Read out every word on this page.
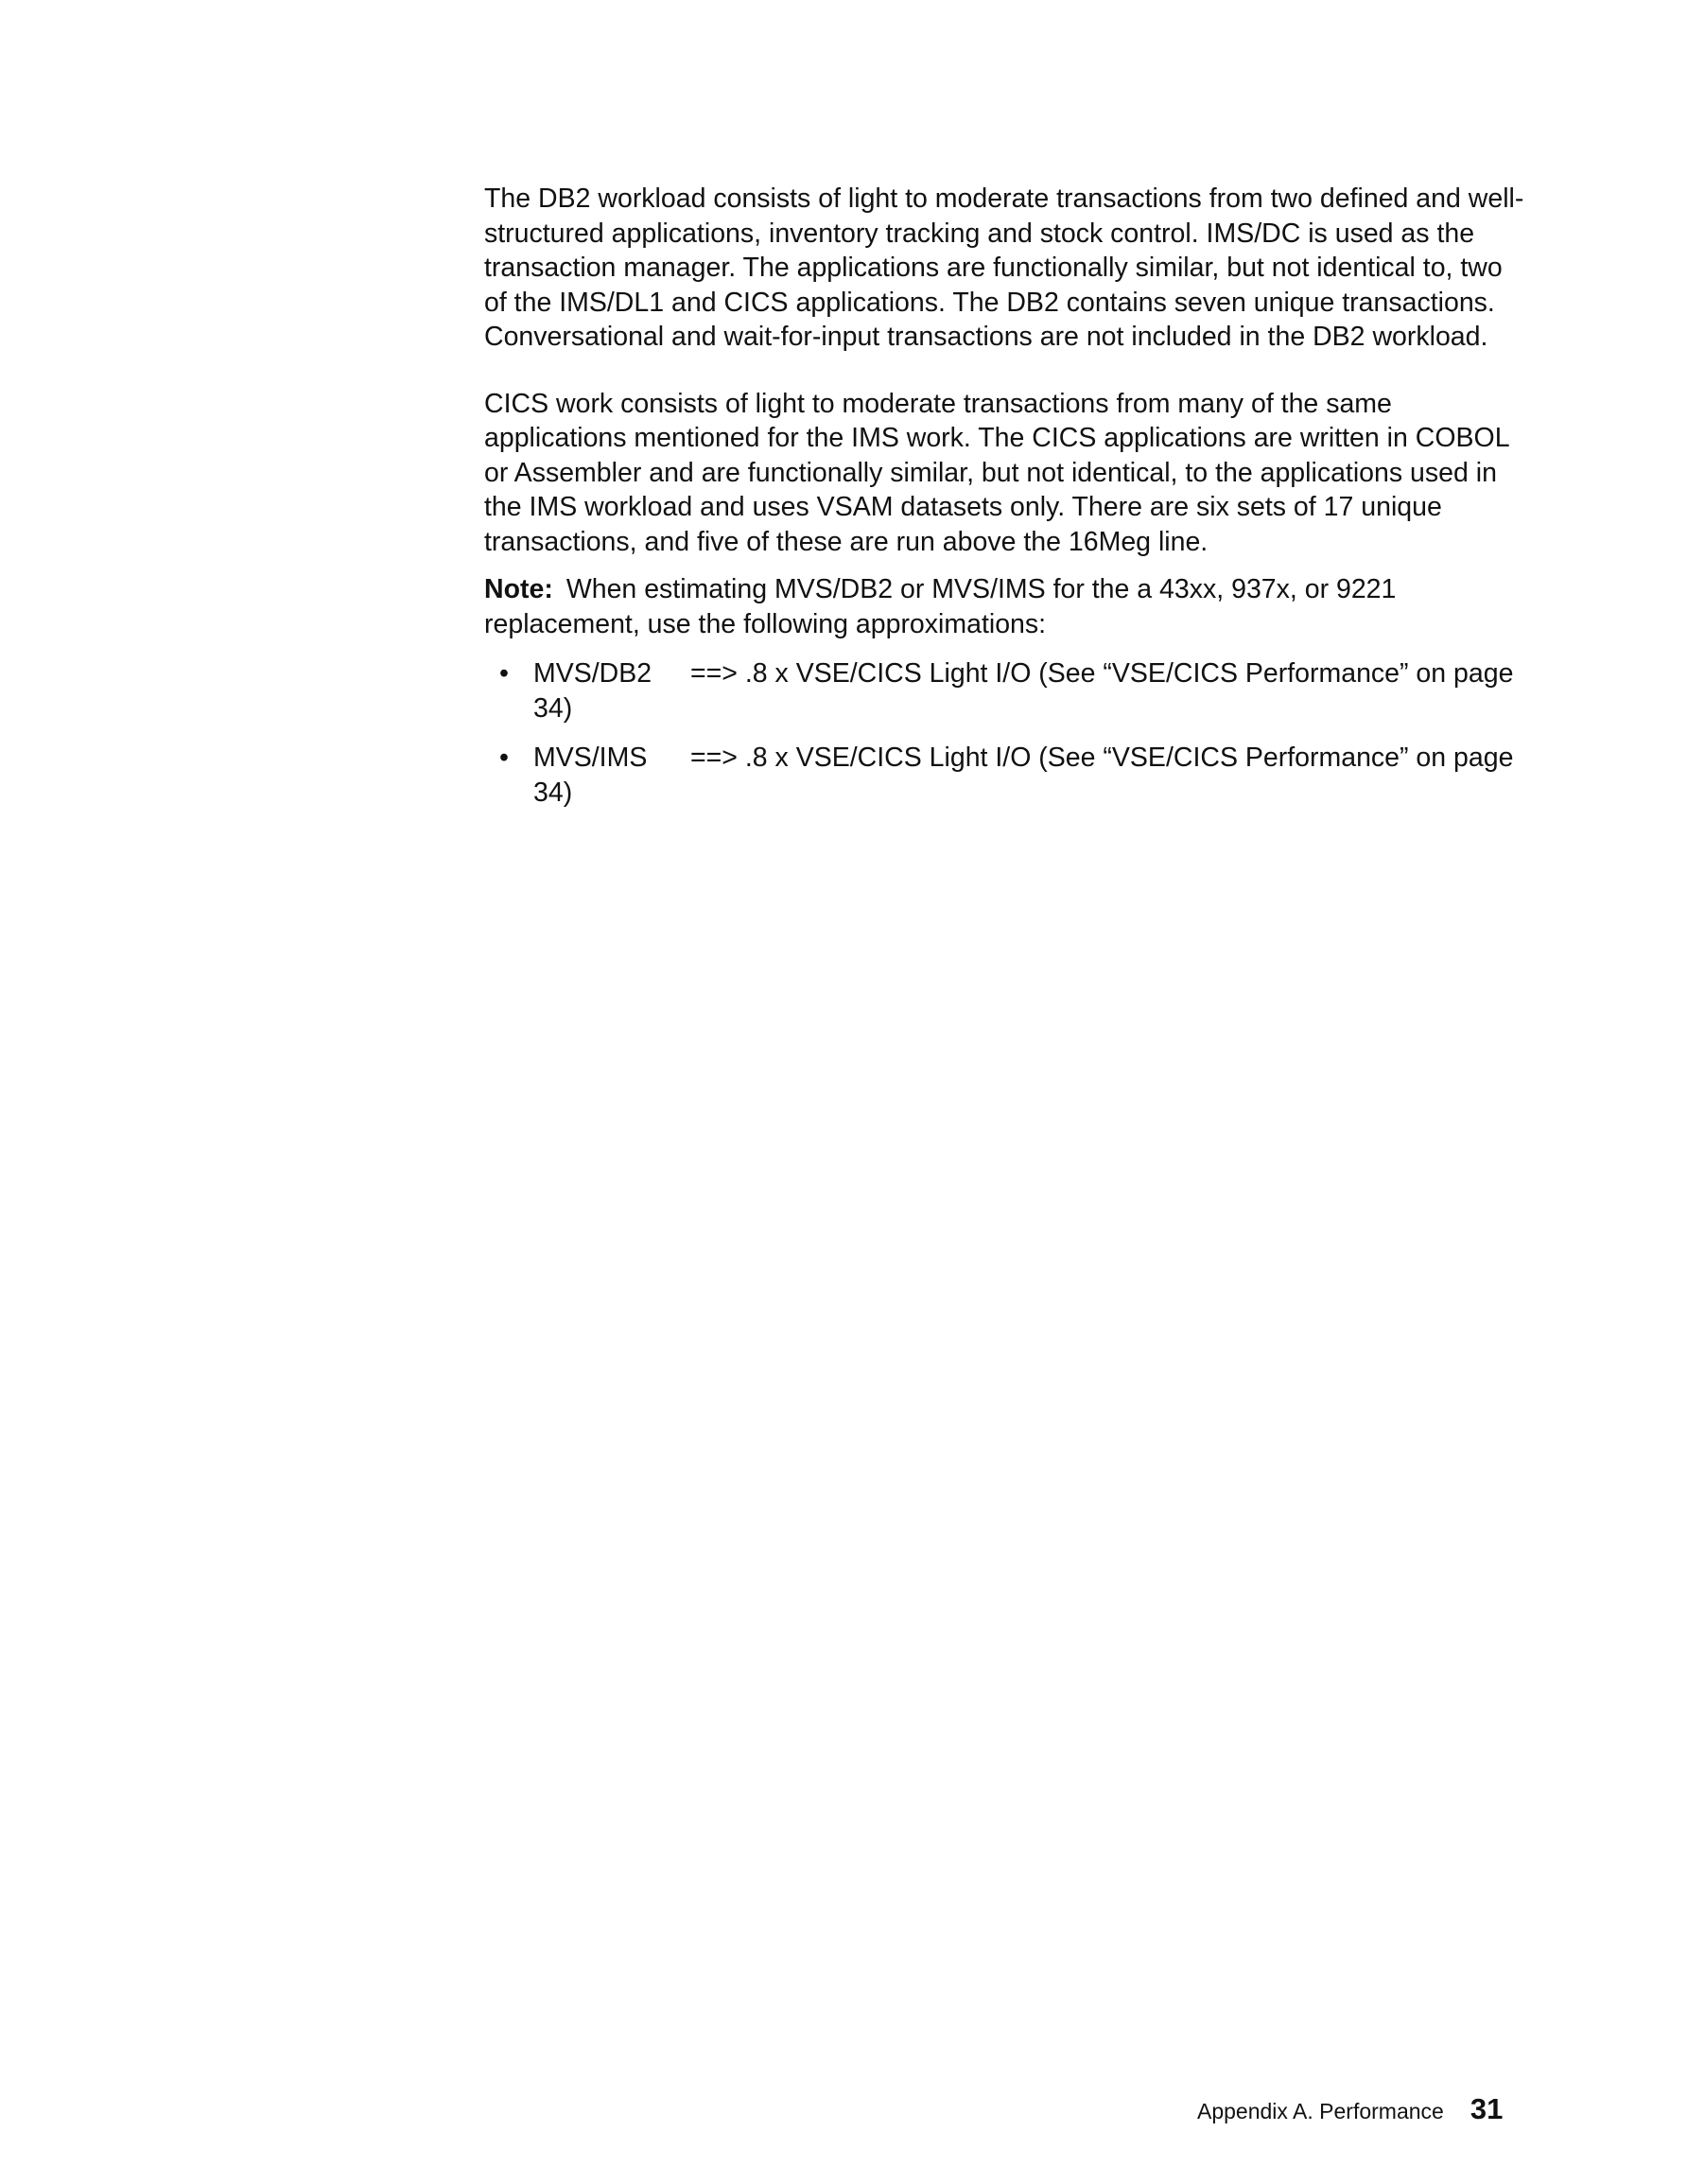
The DB2 workload consists of light to moderate transactions from two defined and well-structured applications, inventory tracking and stock control. IMS/DC is used as the transaction manager. The applications are functionally similar, but not identical to, two of the IMS/DL1 and CICS applications. The DB2 contains seven unique transactions. Conversational and wait-for-input transactions are not included in the DB2 workload.

CICS work consists of light to moderate transactions from many of the same applications mentioned for the IMS work. The CICS applications are written in COBOL or Assembler and are functionally similar, but not identical, to the applications used in the IMS workload and uses VSAM datasets only. There are six sets of 17 unique transactions, and five of these are run above the 16Meg line.

Note: When estimating MVS/DB2 or MVS/IMS for the a 43xx, 937x, or 9221 replacement, use the following approximations:

• MVS/DB2 ==> .8 x VSE/CICS Light I/O (See “VSE/CICS Performance” on page 34)
• MVS/IMS ==> .8 x VSE/CICS Light I/O (See “VSE/CICS Performance” on page 34)
Appendix A. Performance 31
